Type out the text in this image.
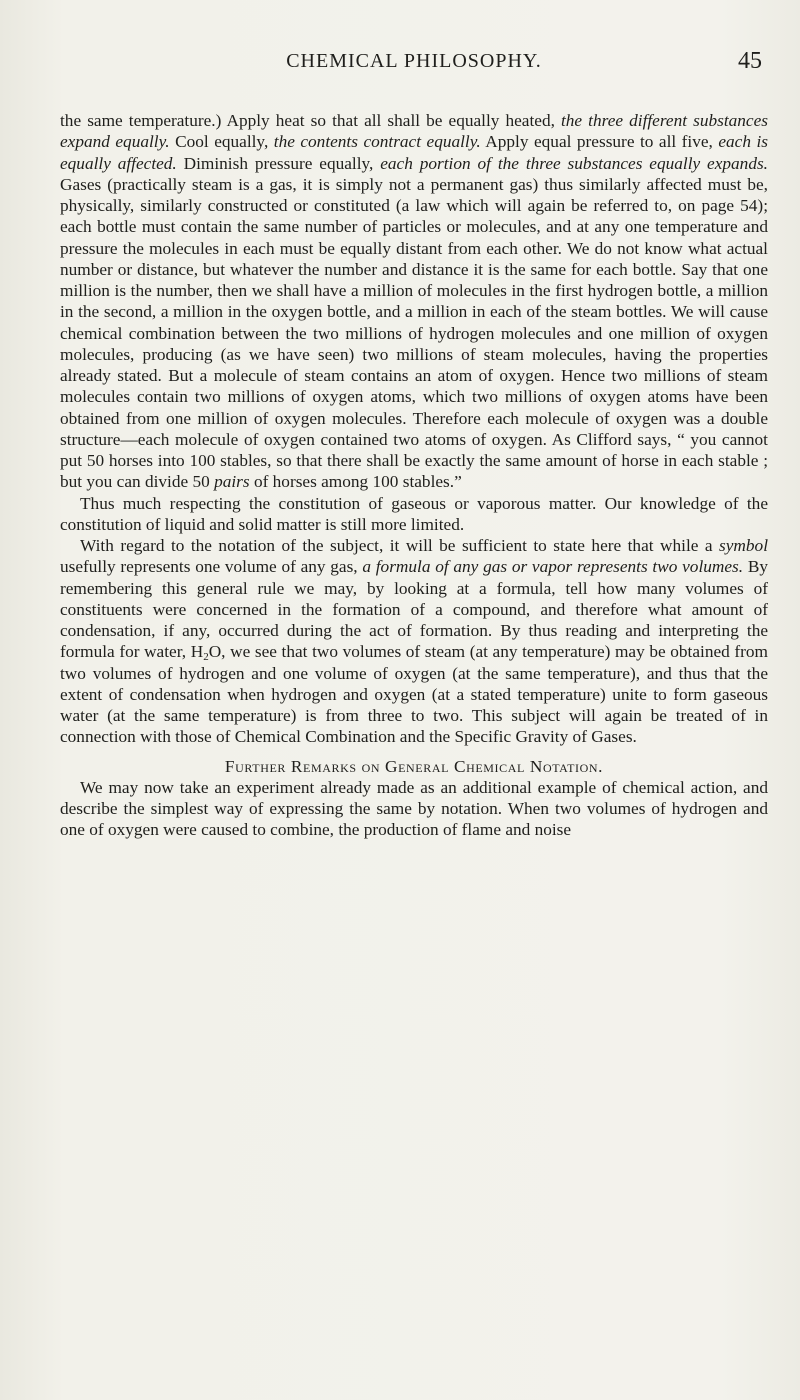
CHEMICAL PHILOSOPHY.	45

the same temperature.) Apply heat so that all shall be equally heated, the three different substances expand equally. Cool equally, the contents contract equally. Apply equal pressure to all five, each is equally affected. Diminish pressure equally, each portion of the three substances equally expands. Gases (practically steam is a gas, it is simply not a permanent gas) thus similarly affected must be, physically, similarly constructed or constituted (a law which will again be referred to, on page 54); each bottle must contain the same number of particles or molecules, and at any one temperature and pressure the molecules in each must be equally distant from each other. We do not know what actual number or distance, but whatever the number and distance it is the same for each bottle. Say that one million is the number, then we shall have a million of molecules in the first hydrogen bottle, a million in the second, a million in the oxygen bottle, and a million in each of the steam bottles. We will cause chemical combination between the two millions of hydrogen molecules and one million of oxygen molecules, producing (as we have seen) two millions of steam molecules, having the properties already stated. But a molecule of steam contains an atom of oxygen. Hence two millions of steam molecules contain two millions of oxygen atoms, which two millions of oxygen atoms have been obtained from one million of oxygen molecules. Therefore each molecule of oxygen was a double structure—each molecule of oxygen contained two atoms of oxygen. As Clifford says, “ you cannot put 50 horses into 100 stables, so that there shall be exactly the same amount of horse in each stable ; but you can divide 50 pairs of horses among 100 stables.”

Thus much respecting the constitution of gaseous or vaporous matter. Our knowledge of the constitution of liquid and solid matter is still more limited.

With regard to the notation of the subject, it will be sufficient to state here that while a symbol usefully represents one volume of any gas, a formula of any gas or vapor represents two volumes. By remembering this general rule we may, by looking at a formula, tell how many volumes of constituents were concerned in the formation of a compound, and therefore what amount of condensation, if any, occurred during the act of formation. By thus reading and interpreting the formula for water, $H_2O$, we see that two volumes of steam (at any temperature) may be obtained from two volumes of hydrogen and one volume of oxygen (at the same temperature), and thus that the extent of condensation when hydrogen and oxygen (at a stated temperature) unite to form gaseous water (at the same temperature) is from three to two. This subject will again be treated of in connection with those of Chemical Combination and the Specific Gravity of Gases.

Further Remarks on General Chemical Notation.

We may now take an experiment already made as an additional example of chemical action, and describe the simplest way of expressing the same by notation. When two volumes of hydrogen and one of oxygen were caused to combine, the production of flame and noise
